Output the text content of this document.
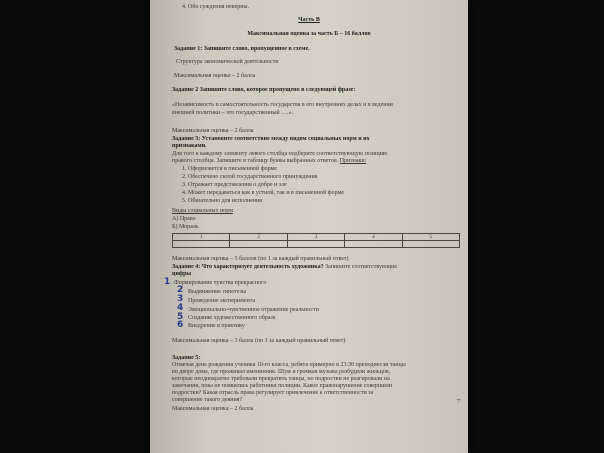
4. Обо суждения неверны.
Часть В
Максимальная оценка за часть Б – 16 баллов
Задание 1: Запишите слово, пропущенное в схеме.
Структура экономической деятельности
Максимальная оценка – 2 балла
Задание 2 Запишите слово, которое пропущено в следующей фразе:
«Независимость и самостоятельность государства в его внутренних делах и в ведении
внешней политики – это государственный ….».
Максимальная оценка – 2 балла
Задание 3: Установите соответствие между видом социальных норм и их
признаками.
Для того к каждому элементу левого столбца подберите соответствующую позицию
правого столбца. Запишите в таблицу буквы выбранных ответов. Признаки:
1. Оформляется в письменной форме
2. Обеспечено силой государственного принуждения
3. Отражает представления о добре и зле
4. Может передаваться как в устной, так и в письменной форме
5. Обязательно для исполнения
Виды социальных норм
А) Право
Б) Мораль
1	2	3	4	5

Максимальная оценка – 5 баллов (по 1 за каждый правильный ответ)
Задание 4: Что характеризует деятельность художника? Запишите соответствующие
цифры
1 Формирование чувства прекрасного
2 Выдвижение гипотезы
3 Проведение эксперимента
4 Эмоционально-чувственное отражение реальности
5 Создание художественного образа
6 Внедрение в практику
Максимальная оценка – 3 балла (по 1 за каждый правильный ответ)
Задание 5:
Отмечая день рождения ученика 10-го класса, ребята примерно в 23:30 преподнесли танцы
во дворе дома, где проживал именинник. Шум и громкая музыка разбудили жильцов,
которые неоднократно требовали прекратить танцы, но подростки не реагировали на
замечания, пока не появились работники полиции. Какое правонарушение совершили
подростки? Какая отрасль права регулирует привлечение к ответственности за
совершение такого деяния?
Максимальная оценка – 2 балла
7
